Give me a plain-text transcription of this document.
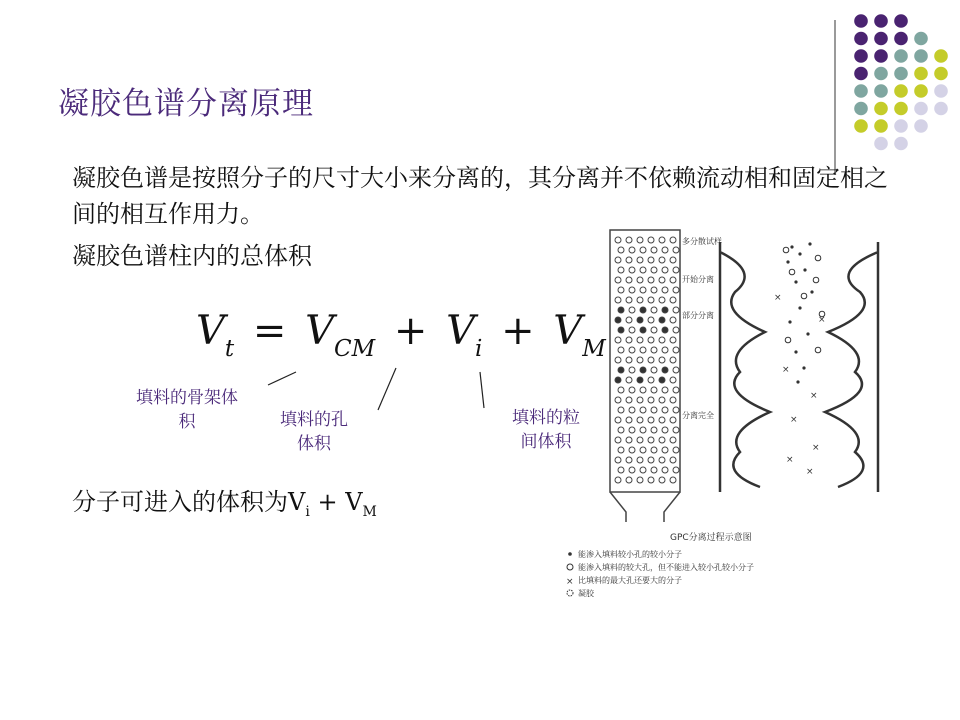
凝胶色谱分离原理
凝胶色谱是按照分子的尺寸大小来分离的，其分离并不依赖流动相和固定相之间的相互作用力。
凝胶色谱柱内的总体积
$V_t = V_{CM} + V_i + V_M$
填料的骨架体
积	填料的孔
体积
填料的粒
间体积
分子可进入的体积为$V_i + V_M$
×
×
×
×
×
×
×
×
多分散试样
开始分离
部分分离
分离完全
GPC分离过程示意图
能渗入填料较小孔的较小分子
能渗入填料的较大孔，但不能进入较小孔较小分子
× 比填料的最大孔还要大的分子
凝胶
